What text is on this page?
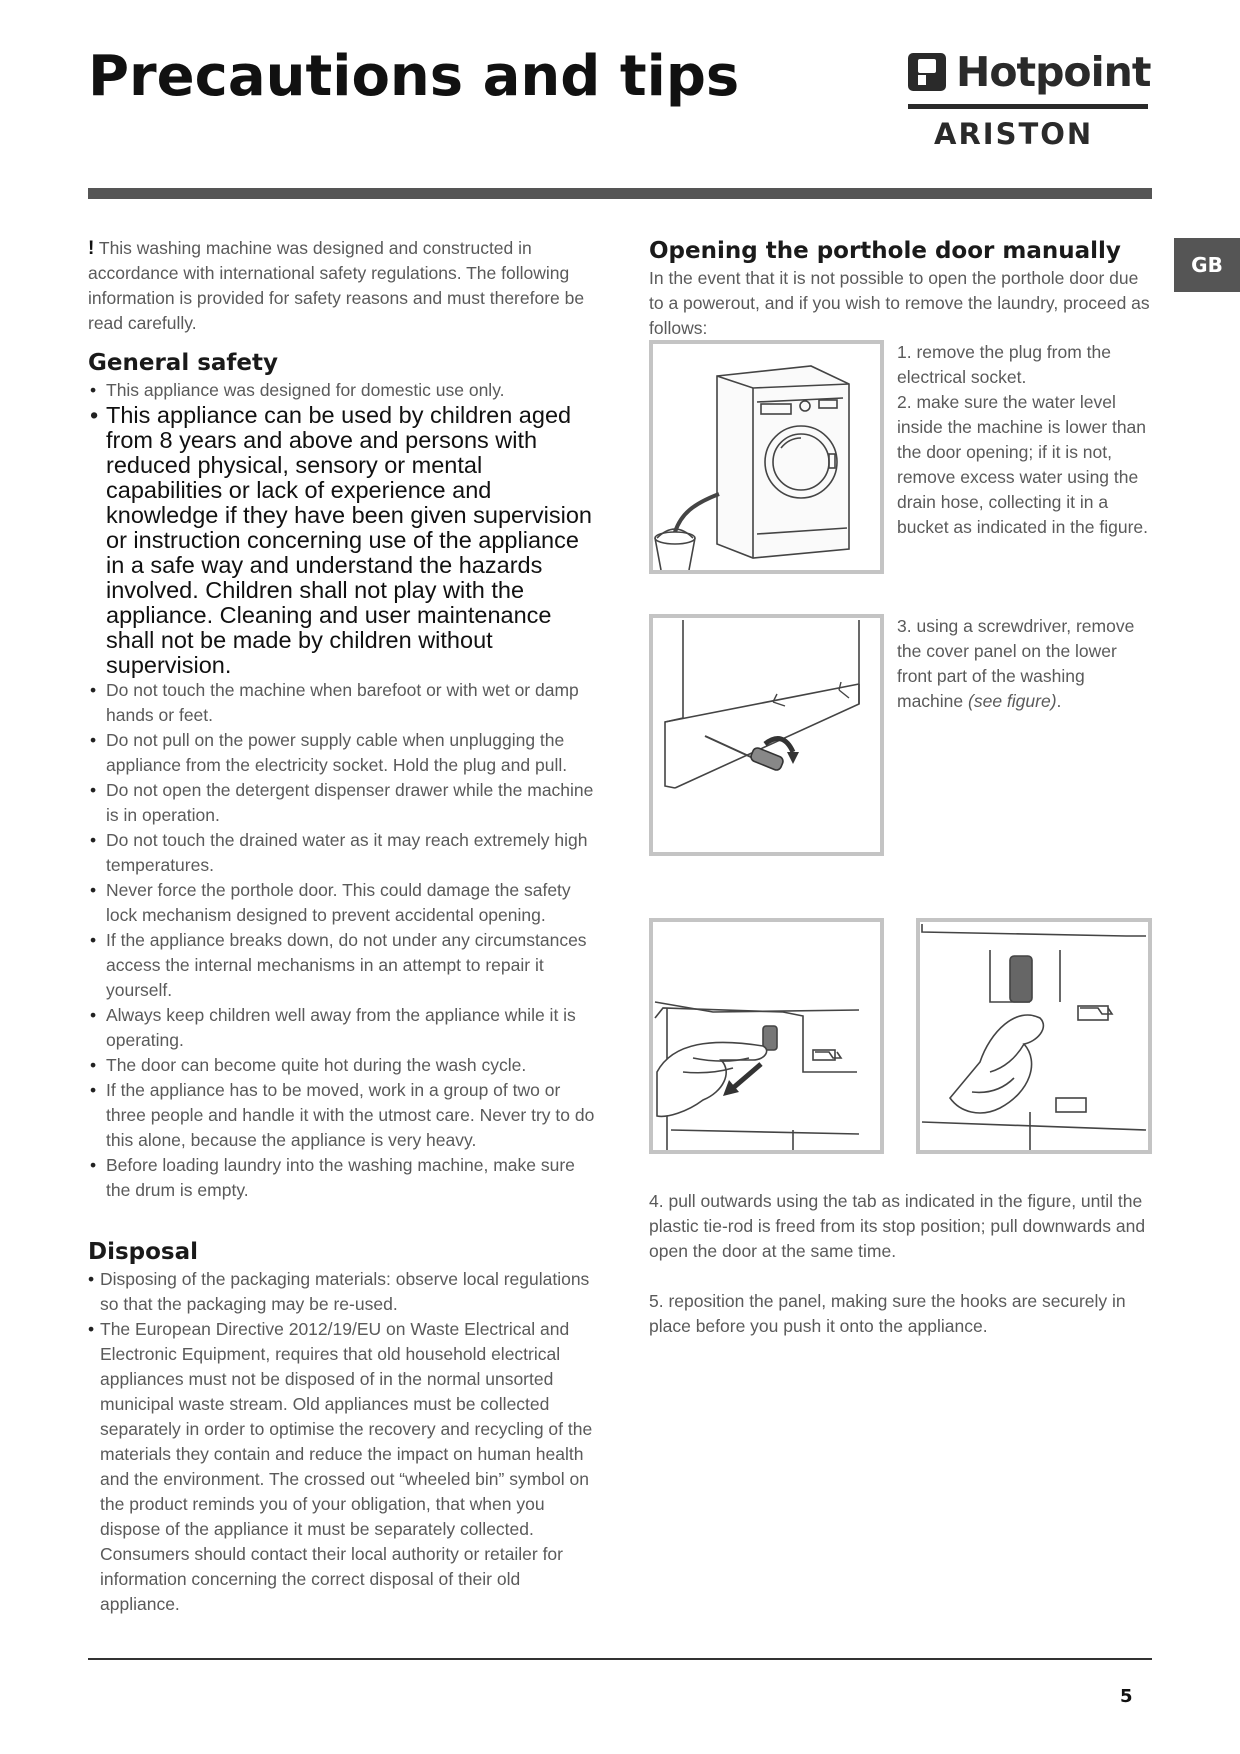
Precautions and tips	Hotpoint
ARISTON
GB

! This washing machine was designed and constructed in accordance with international safety regulations. The following information is provided for safety reasons and must therefore be read carefully.

General safety
• This appliance was designed for domestic use only.
• This appliance can be used by children aged from 8 years and above and persons with reduced physical, sensory or mental capabilities or lack of experience and knowledge if they have been given supervision or instruction concerning use of the appliance in a safe way and understand the hazards involved. Children shall not play with the appliance. Cleaning and user maintenance shall not be made by children without supervision.
• Do not touch the machine when barefoot or with wet or damp hands or feet.
• Do not pull on the power supply cable when unplugging the appliance from the electricity socket. Hold the plug and pull.
• Do not open the detergent dispenser drawer while the machine is in operation.
• Do not touch the drained water as it may reach extremely high temperatures.
• Never force the porthole door. This could damage the safety lock mechanism designed to prevent accidental opening.
• If the appliance breaks down, do not under any circumstances access the internal mechanisms in an attempt to repair it yourself.
• Always keep children well away from the appliance while it is operating.
• The door can become quite hot during the wash cycle.
• If the appliance has to be moved, work in a group of two or three people and handle it with the utmost care. Never try to do this alone, because the appliance is very heavy.
• Before loading laundry into the washing machine, make sure the drum is empty.
Disposal
• Disposing of the packaging materials: observe local regulations so that the packaging may be re-used.
• The European Directive 2012/19/EU on Waste Electrical and Electronic Equipment, requires that old household electrical appliances must not be disposed of in the normal unsorted municipal waste stream. Old appliances must be collected separately in order to optimise the recovery and recycling of the materials they contain and reduce the impact on human health and the environment. The crossed out “wheeled bin” symbol on the product reminds you of your obligation, that when you dispose of the appliance it must be separately collected. Consumers should contact their local authority or retailer for information concerning the correct disposal of their old appliance.
Opening the porthole door manually

In the event that it is not possible to open the porthole door due to a powerout, and if you wish to remove the laundry, proceed as follows:

1. remove the plug from the electrical socket.

2. make sure the water level inside the machine is lower than the door opening; if it is not, remove excess water using the drain hose, collecting it in a bucket as indicated in the figure.

3. using a screwdriver, remove the cover panel on the lower front part of the washing machine (see figure).

4. pull outwards using the tab as indicated in the figure, until the plastic tie-rod is freed from its stop position; pull downwards and open the door at the same time.

5. reposition the panel, making sure the hooks are securely in place before you push it onto the appliance.

5
